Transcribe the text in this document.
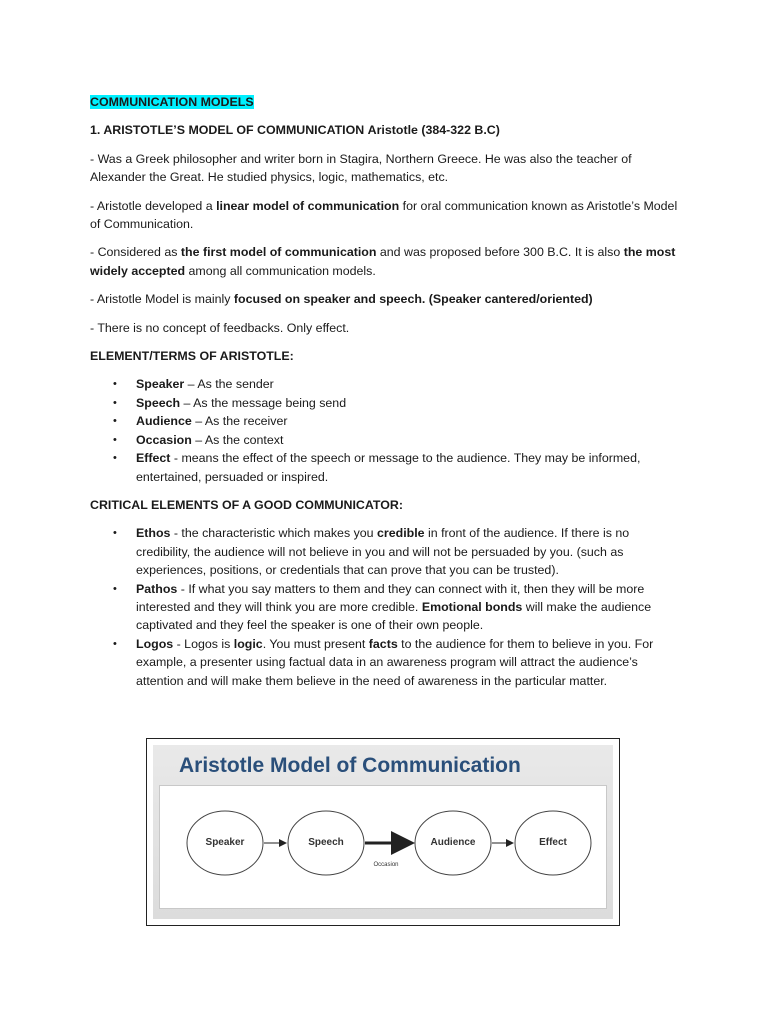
COMMUNICATION MODELS

1. ARISTOTLE’S MODEL OF COMMUNICATION Aristotle (384-322 B.C)

- Was a Greek philosopher and writer born in Stagira, Northern Greece. He was also the teacher of Alexander the Great. He studied physics, logic, mathematics, etc.

- Aristotle developed a linear model of communication for oral communication known as Aristotle’s Model of Communication.

- Considered as the first model of communication and was proposed before 300 B.C. It is also the most widely accepted among all communication models.

- Aristotle Model is mainly focused on speaker and speech. (Speaker cantered/oriented)

- There is no concept of feedbacks. Only effect.

ELEMENT/TERMS OF ARISTOTLE:

• Speaker – As the sender
• Speech – As the message being send
• Audience – As the receiver
• Occasion – As the context
• Effect - means the effect of the speech or message to the audience. They may be informed, entertained, persuaded or inspired.

CRITICAL ELEMENTS OF A GOOD COMMUNICATOR:

• Ethos - the characteristic which makes you credible in front of the audience. If there is no credibility, the audience will not believe in you and will not be persuaded by you. (such as experiences, positions, or credentials that can prove that you can be trusted).
• Pathos - If what you say matters to them and they can connect with it, then they will be more interested and they will think you are more credible. Emotional bonds will make the audience captivated and they feel the speaker is one of their own people.
• Logos - Logos is logic. You must present facts to the audience for them to believe in you. For example, a presenter using factual data in an awareness program will attract the audience’s attention and will make them believe in the need of awareness in the particular matter.
Aristotle Model of Communication
Speaker	Speech	Audience	Effect
Occasion
